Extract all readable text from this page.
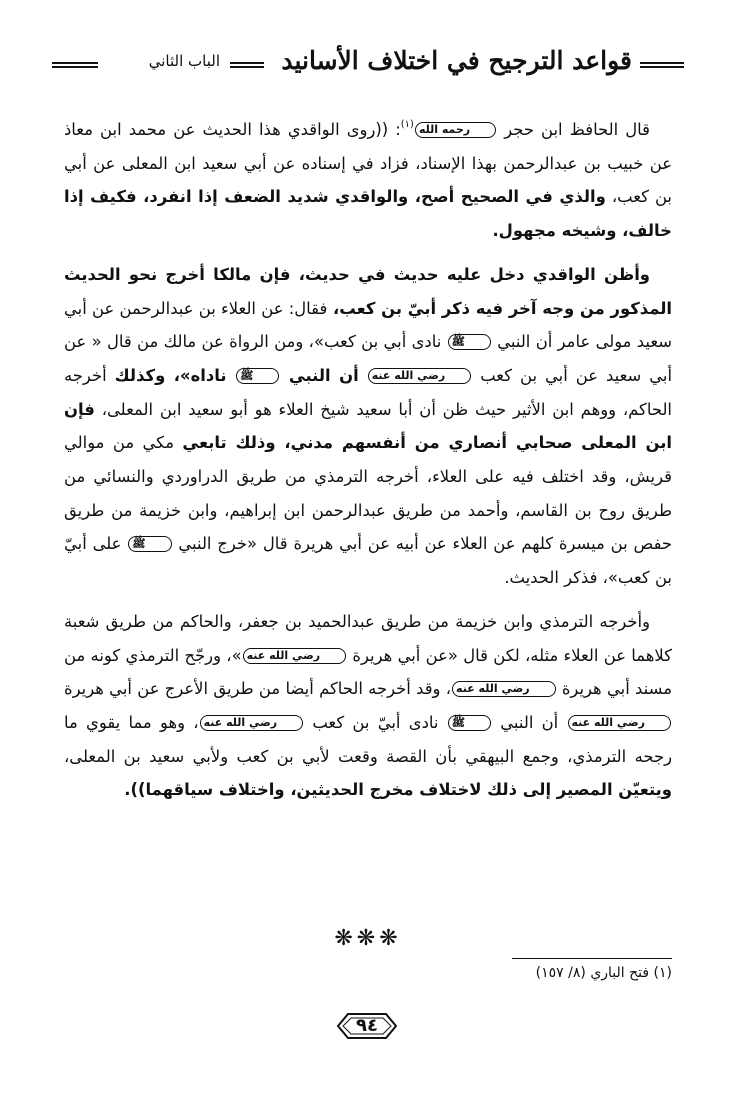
قواعد الترجيح في اختلاف الأسانيد
الباب الثاني

قال الحافظ ابن حجر رحمه الله$^{(١)}$: ((روى الواقدي هذا الحديث عن محمد ابن معاذ عن خبيب بن عبدالرحمن بهذا الإسناد، فزاد في إسناده عن أبي سعيد ابن المعلى عن أبي بن كعب، والذي في الصحيح أصح، والواقدي شديد الضعف إذا انفرد، فكيف إذا خالف، وشيخه مجهول.

وأظن الواقدي دخل عليه حديث في حديث، فإن مالكا أخرج نحو الحديث المذكور من وجه آخر فيه ذكر أبيّ بن كعب، فقال: عن العلاء بن عبدالرحمن عن أبي سعيد مولى عامر أن النبي ﷺ نادى أبي بن كعب»، ومن الرواة عن مالك من قال « عن أبي سعيد عن أبي بن كعب رضي الله عنه أن النبي ﷺ ناداه»، وكذلك أخرجه الحاكم، ووهم ابن الأثير حيث ظن أن أبا سعيد شيخ العلاء هو أبو سعيد ابن المعلى، فإن ابن المعلى صحابي أنصاري من أنفسهم مدني، وذلك تابعي مكي من موالي قريش، وقد اختلف فيه على العلاء، أخرجه الترمذي من طريق الدراوردي والنسائي من طريق روح بن القاسم، وأحمد من طريق عبدالرحمن ابن إبراهيم، وابن خزيمة من طريق حفص بن ميسرة كلهم عن العلاء عن أبيه عن أبي هريرة قال «خرج النبي ﷺ على أبيّ بن كعب»، فذكر الحديث.

وأخرجه الترمذي وابن خزيمة من طريق عبدالحميد بن جعفر، والحاكم من طريق شعبة كلاهما عن العلاء مثله، لكن قال «عن أبي هريرة رضي الله عنه»، ورجّح الترمذي كونه من مسند أبي هريرة رضي الله عنه، وقد أخرجه الحاكم أيضا من طريق الأعرج عن أبي هريرة رضي الله عنه أن النبي ﷺ نادى أبيّ بن كعب رضي الله عنه، وهو مما يقوي ما رجحه الترمذي، وجمع البيهقي بأن القصة وقعت لأبي بن كعب ولأبي سعيد بن المعلى، ويتعيّن المصير إلى ذلك لاختلاف مخرج الحديثين، واختلاف سياقهما)).

❋❋❋
(١) فتح الباري (٨/ ١٥٧)
٩٤
